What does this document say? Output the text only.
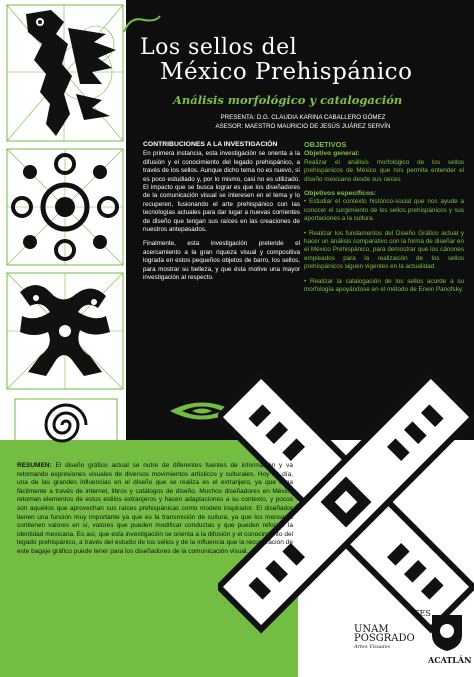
Los sellos del
México Prehispánico
Análisis morfológico y catalogación
PRESENTA: D.G. CLAUDIA KARINA CABALLERO GÓMEZ
ASESOR: MAESTRO MAURICIO DE JESÚS JUÁREZ SERVÍN
CONTRIBUCIONES A LA INVESTIGACIÓN

En primera instancia, esta investigación se orienta a la difusión y el conocimiento del legado prehispánico, a través de los sellos. Aunque dicho tema no es nuevo, sí es poco estudiado y, por lo mismo, casi no es utilizado. El impacto que se busca lograr es que los diseñadores de la comunicación visual se interesen en el tema y lo recuperen, fusionando el arte prehispánico con las tecnologías actuales para dar lugar a nuevas corrientes de diseño que tengan sus raíces en las creaciones de nuestros antepasados.

Finalmente, esta investigación pretende el acercamiento a la gran riqueza visual y compositiva lograda en estos pequeños objetos de barro, los sellos, para mostrar su belleza, y que ésta motive una mayor investigación al respecto.

OBJETIVOS
Objetivo general:

Realizar el análisis morfológico de los sellos prehispánicos de México que nos permita entender el diseño mexicano desde sus raíces

Objetivos específicos:

• Estudiar el contexto histórico-social que nos ayude a conocer el surgimiento de los sellos prehispánicos y sus aportaciones a la cultura.

• Realizar los fundamentos del Diseño Gráfico actual y hacer un análisis comparativo con la forma de diseñar en el México Prehispánico, para demostrar que los cánones empleados para la realización de los sellos prehispánicos siguen vigentes en la actualidad.

• Realizar la catalogación de los sellos acorde a su morfología apoyándose en el método de Erwin Panofsky.

RESUMEN: El diseño gráfico actual se nutre de diferentes fuentes de información y va retomando expresiones visuales de diversos movimientos artísticos y culturales. Hoy en día, una de las grandes influencias en el diseño que se realiza es el extranjero, ya que llega fácilmente a través de internet, libros y catálogos de diseño. Muchos diseñadores en México retoman elementos de estos estilos extranjeros y hacen adaptaciones a su contexto, y pocos son aquéllos que aprovechan sus raíces prehispánicas como modelo inspirador. El diseñador tienen una función muy importante ya que es la transmisión de cultura, ya que los mensajes contienen valores en sí, valores que pueden modificar conductas y que pueden reforzar la identidad mexicana. Es así, que esta investigación se orienta a la difusión y el conocimiento del legado prehispánico, a través del estudio de los sellos y de la influencia que la recuperación de este bagaje gráfico puede tener para los diseñadores de la comunicación visual.
UNAM
POSGRADO
Artes Visuales
FES
ACATLÁN
